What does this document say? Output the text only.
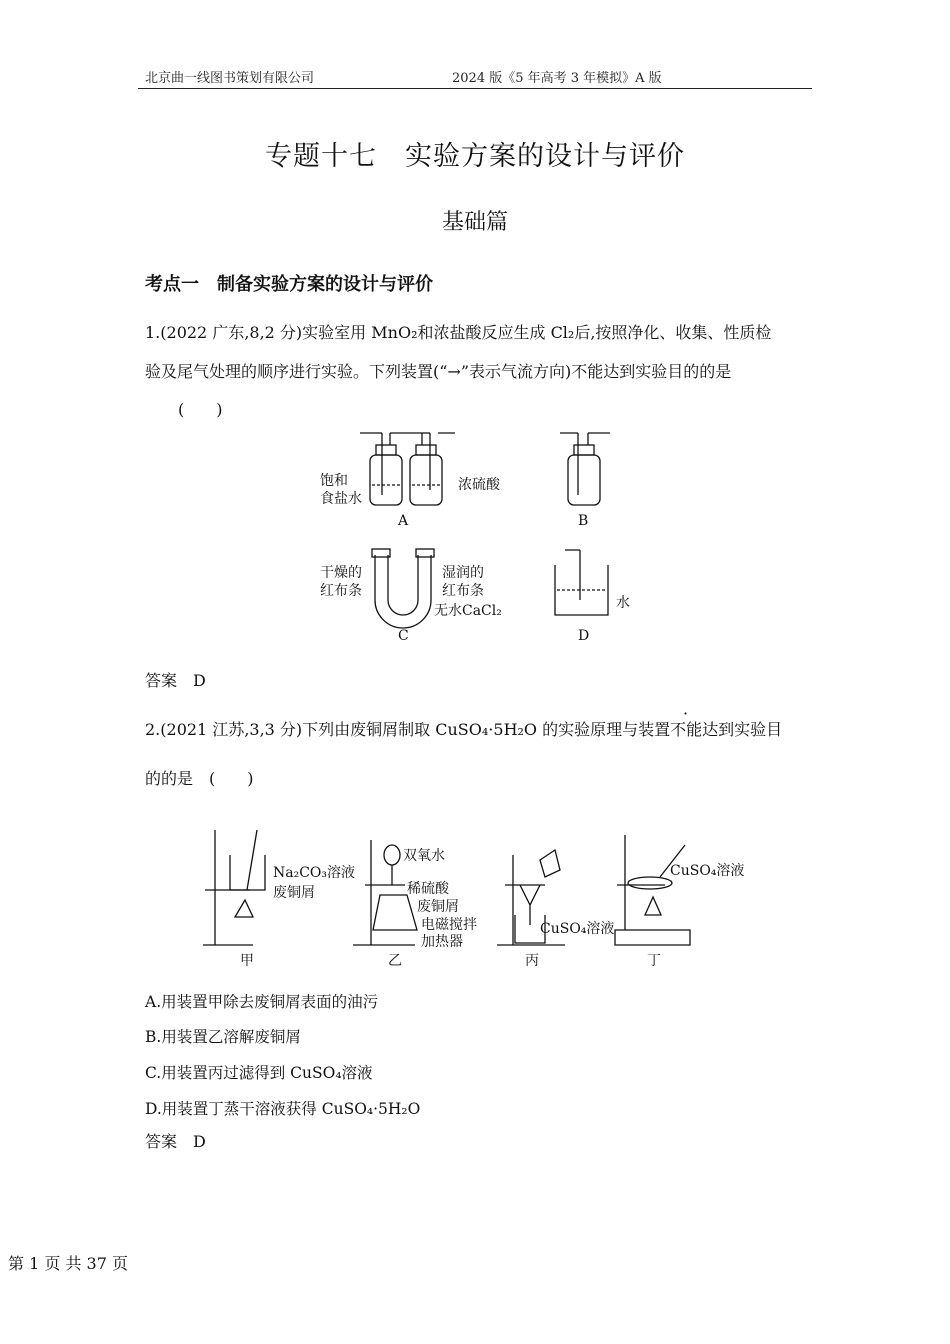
北京曲一线图书策划有限公司	2024 版《5 年高考 3 年模拟》A 版
专题十七　实验方案的设计与评价
基础篇
考点一　制备实验方案的设计与评价
1.(2022 广东,8,2 分)实验室用 MnO₂和浓盐酸反应生成 Cl₂后,按照净化、收集、性质检
验及尾气处理的顺序进行实验。下列装置(“→”表示气流方向)不能达到实验目的的是
(　　)
饱和
食盐水
浓硫酸
A	B
干燥的
红布条
湿润的
红布条
无水CaCl₂
C
水
D
答案　D
2.(2021 江苏,3,3 分)下列由废铜屑制取 CuSO₄·5H₂O 的实验原理与装置不能达到实验目
的的是　(　　)
Na₂CO₃溶液
废铜屑
甲
双氧水
稀硫酸
废铜屑
电磁搅拌
加热器
乙
CuSO₄溶液
丙
CuSO₄溶液
丁
A.用装置甲除去废铜屑表面的油污
B.用装置乙溶解废铜屑
C.用装置丙过滤得到 CuSO₄溶液
D.用装置丁蒸干溶液获得 CuSO₄·5H₂O
答案　D
第 1 页 共 37 页
